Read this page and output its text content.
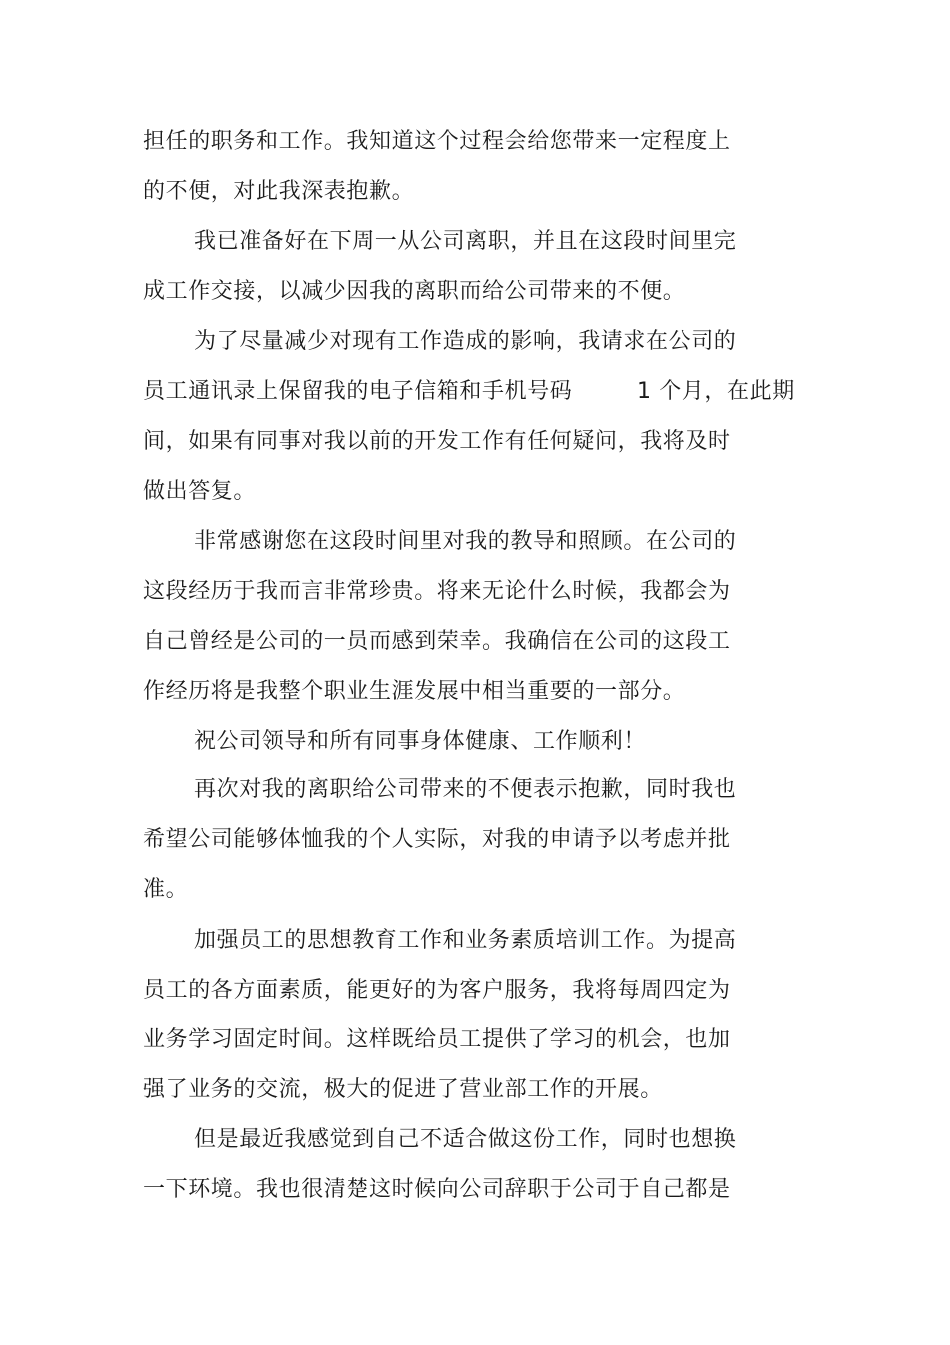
担任的职务和工作。我知道这个过程会给您带来一定程度上
的不便，对此我深表抱歉。
我已准备好在下周一从公司离职，并且在这段时间里完
成工作交接，以减少因我的离职而给公司带来的不便。
为了尽量减少对现有工作造成的影响，我请求在公司的
员工通讯录上保留我的电子信箱和手机号码	1 个月，在此期
间，如果有同事对我以前的开发工作有任何疑问，我将及时
做出答复。
非常感谢您在这段时间里对我的教导和照顾。在公司的
这段经历于我而言非常珍贵。将来无论什么时候，我都会为
自己曾经是公司的一员而感到荣幸。我确信在公司的这段工
作经历将是我整个职业生涯发展中相当重要的一部分。
祝公司领导和所有同事身体健康、工作顺利！
再次对我的离职给公司带来的不便表示抱歉，同时我也
希望公司能够体恤我的个人实际，对我的申请予以考虑并批
准。
加强员工的思想教育工作和业务素质培训工作。为提高
员工的各方面素质，能更好的为客户服务，我将每周四定为
业务学习固定时间。这样既给员工提供了学习的机会，也加
强了业务的交流，极大的促进了营业部工作的开展。
但是最近我感觉到自己不适合做这份工作，同时也想换
一下环境。我也很清楚这时候向公司辞职于公司于自己都是
